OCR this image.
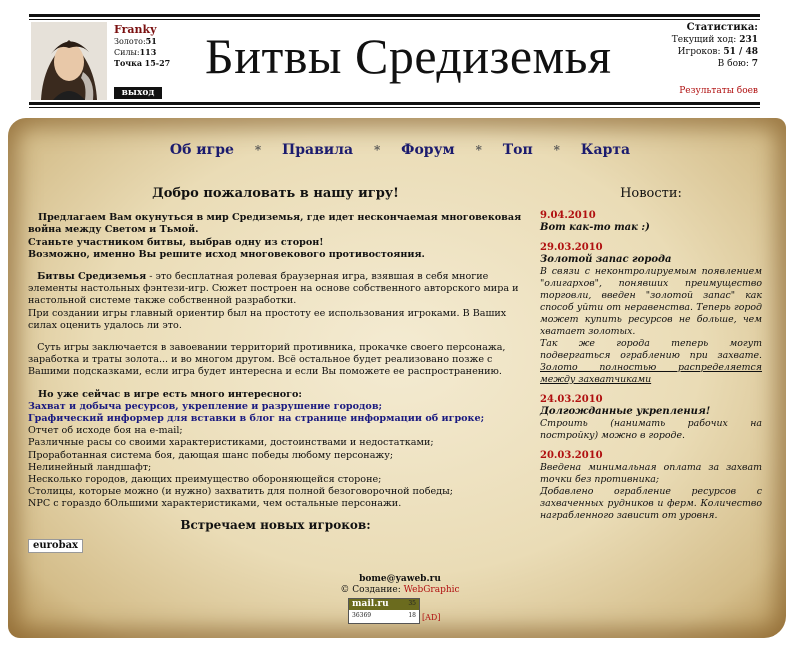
Franky
Золото:51
Силы:113
Точка 15-27
выход
Битвы Средиземья
Статистика:
Текущий ход: 231
Игроков: 51 / 48
В бою: 7
Результаты боев
Об игре * Правила * Форум * Топ * Карта
Добро пожаловать в нашу игру!

Предлагаем Вам окунуться в мир Средиземья, где идет нескончаемая многовековая война между Светом и Тьмой.
Станьте участником битвы, выбрав одну из сторон!
Возможно, именно Вы решите исход многовекового противостояния.

Битвы Средиземья - это бесплатная ролевая браузерная игра, взявшая в себя многие элементы настольных фэнтези-игр. Сюжет построен на основе собственного авторского мира и настольной системе также собственной разработки.
При создании игры главный ориентир был на простоту ее использования игроками. В Ваших силах оценить удалось ли это.

Суть игры заключается в завоевании территорий противника, прокачке своего персонажа, заработка и траты золота... и во многом другом. Всё остальное будет реализовано позже с Вашими подсказками, если игра будет интересна и если Вы поможете ее распространению.

Но уже сейчас в игре есть много интересного:
Захват и добыча ресурсов, укрепление и разрушение городов;
Графический информер для вставки в блог на странице информации об игроке;
Отчет об исходе боя на e-mail;
Различные расы со своими характеристиками, достоинствами и недостатками;
Проработанная система боя, дающая шанс победы любому персонажу;
Нелинейный ландшафт;
Несколько городов, дающих преимущество обороняющейся стороне;
Столицы, которые можно (и нужно) захватить для полной безоговорочной победы;
NPC с гораздо бОльшими характеристиками, чем остальные персонажи.
Встречаем новых игроков:
eurobax
Новости:
9.04.2010
Вот как-то так :)
29.03.2010
Золотой запас города
В связи с неконтролируемым появлением "олигархов", понявших преимущество торговли, введен "золотой запас" как способ уйти от неравенства. Теперь город может купить ресурсов не больше, чем хватает золотых.
Так же города теперь могут подвергаться ограблению при захвате. Золото полностью распределяется между захватчиками
24.03.2010
Долгожданные укрепления!
Строить (нанимать рабочих на постройку) можно в городе.
20.03.2010
Введена минимальная оплата за захват точки без противника;
Добавлено ограбление ресурсов с захваченных рудников и ферм. Количество награбленного зависит от уровня.
bome@yaweb.ru
© Создание: WebGraphic
mail.ru	35
36369	18 [AD]
